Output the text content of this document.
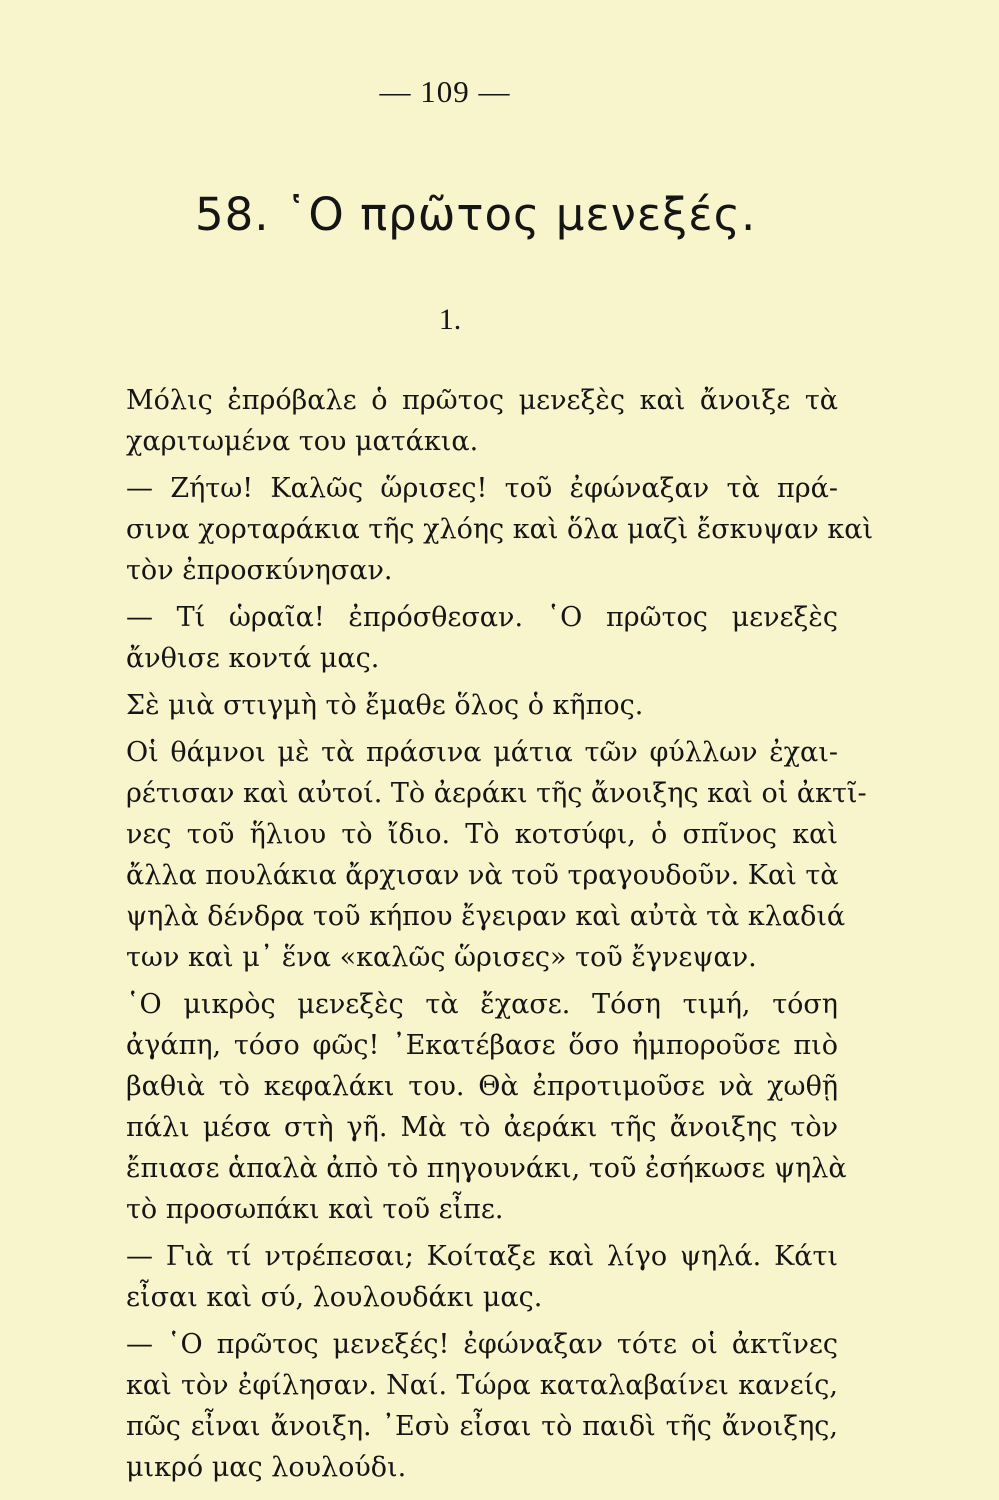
— 109 —
58. ῾Ο πρῶτος μενεξές.
1.
Μόλις ἐπρόβαλε ὁ πρῶτος μενεξὲς καὶ ἄνοιξε τὰ
χαριτωμένα του ματάκια.
— Ζήτω! Καλῶς ὥρισες! τοῦ ἐφώναξαν τὰ πρά-
σινα χορταράκια τῆς χλόης καὶ ὅλα μαζὶ ἔσκυψαν καὶ
τὸν ἐπροσκύνησαν.
— Τί ὡραῖα! ἐπρόσθεσαν. ῾Ο πρῶτος μενεξὲς
ἄνθισε κοντά μας.
Σὲ μιὰ στιγμὴ τὸ ἔμαθε ὅλος ὁ κῆπος.
Οἱ θάμνοι μὲ τὰ πράσινα μάτια τῶν φύλλων ἐχαι-
ρέτισαν καὶ αὐτοί. Τὸ ἀεράκι τῆς ἄνοιξης καὶ οἱ ἀκτῖ-
νες τοῦ ἥλιου τὸ ἴδιο. Τὸ κοτσύφι, ὁ σπῖνος καὶ
ἄλλα πουλάκια ἄρχισαν νὰ τοῦ τραγουδοῦν. Καὶ τὰ
ψηλὰ δένδρα τοῦ κήπου ἔγειραν καὶ αὐτὰ τὰ κλαδιά
των καὶ μ᾽ ἕνα «καλῶς ὥρισες» τοῦ ἔγνεψαν.
῾Ο μικρὸς μενεξὲς τὰ ἔχασε. Τόση τιμή, τόση
ἀγάπη, τόσο φῶς! ᾿Εκατέβασε ὅσο ἠμποροῦσε πιὸ
βαθιὰ τὸ κεφαλάκι του. Θὰ ἐπροτιμοῦσε νὰ χωθῇ
πάλι μέσα στὴ γῆ. Μὰ τὸ ἀεράκι τῆς ἄνοιξης τὸν
ἔπιασε ἁπαλὰ ἀπὸ τὸ πηγουνάκι, τοῦ ἐσήκωσε ψηλὰ
τὸ προσωπάκι καὶ τοῦ εἶπε.
— Γιὰ τί ντρέπεσαι; Κοίταξε καὶ λίγο ψηλά. Κάτι
εἶσαι καὶ σύ, λουλουδάκι μας.
— ῾Ο πρῶτος μενεξές! ἐφώναξαν τότε οἱ ἀκτῖνες
καὶ τὸν ἐφίλησαν. Ναί. Τώρα καταλαβαίνει κανείς,
πῶς εἶναι ἄνοιξη. ᾿Εσὺ εἶσαι τὸ παιδὶ τῆς ἄνοιξης,
μικρό μας λουλούδι.
